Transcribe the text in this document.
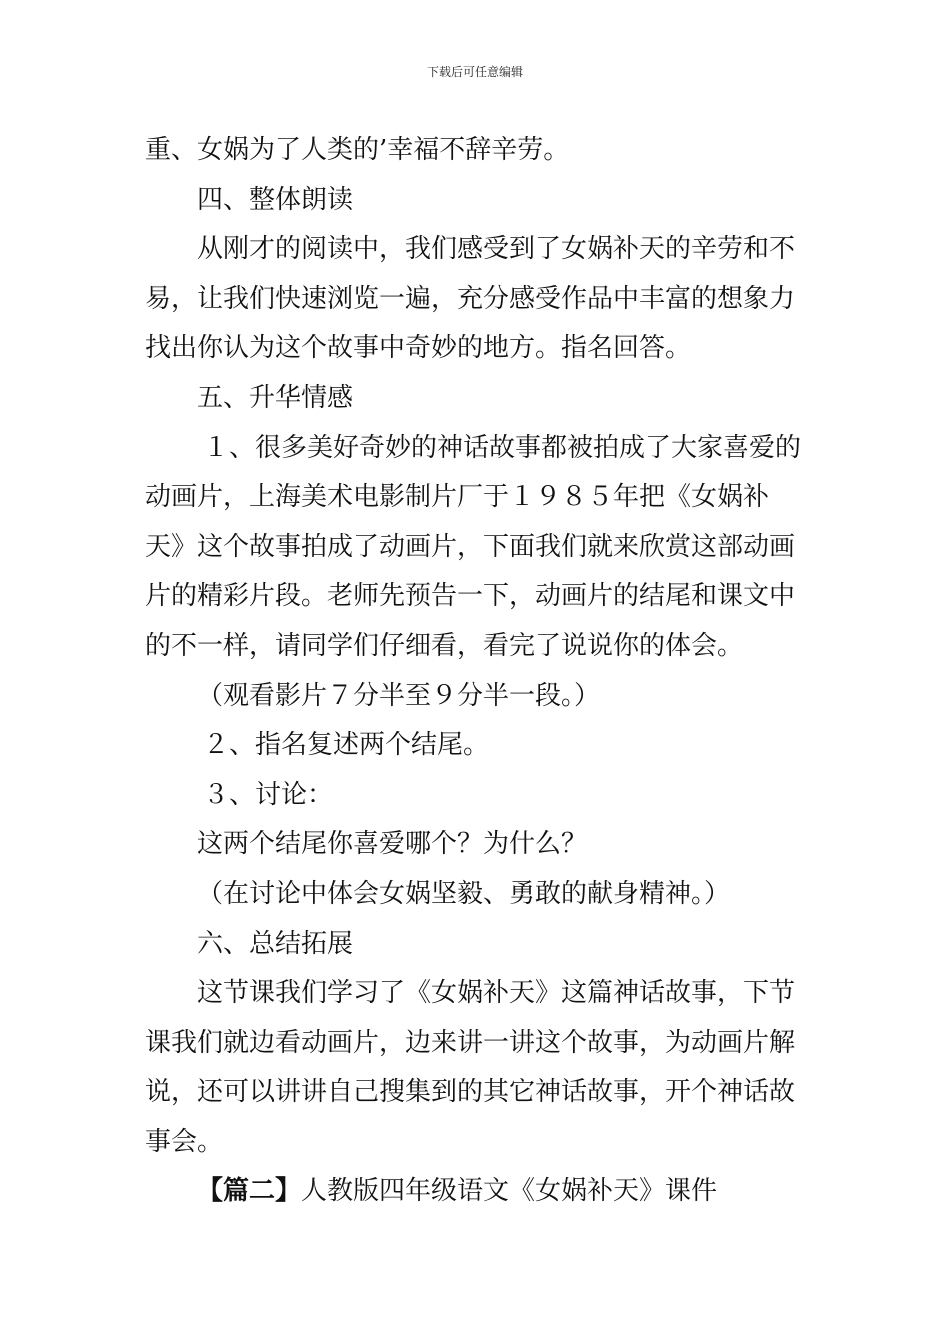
下载后可任意编辑

重、女娲为了人类的’幸福不辞辛劳。

四、整体朗读

从刚才的阅读中，我们感受到了女娲补天的辛劳和不

易，让我们快速浏览一遍，充分感受作品中丰富的想象力

找出你认为这个故事中奇妙的地方。指名回答。

五、升华情感

１、很多美好奇妙的神话故事都被拍成了大家喜爱的

动画片，上海美术电影制片厂于１９８５年把《女娲补

天》这个故事拍成了动画片，下面我们就来欣赏这部动画

片的精彩片段。老师先预告一下，动画片的结尾和课文中

的不一样，请同学们仔细看，看完了说说你的体会。

（观看影片７分半至９分半一段。）

２、指名复述两个结尾。

３、讨论：

这两个结尾你喜爱哪个？为什么？

（在讨论中体会女娲坚毅、勇敢的献身精神。）

六、总结拓展

这节课我们学习了《女娲补天》这篇神话故事，下节

课我们就边看动画片，边来讲一讲这个故事，为动画片解

说，还可以讲讲自己搜集到的其它神话故事，开个神话故

事会。

【篇二】人教版四年级语文《女娲补天》课件
